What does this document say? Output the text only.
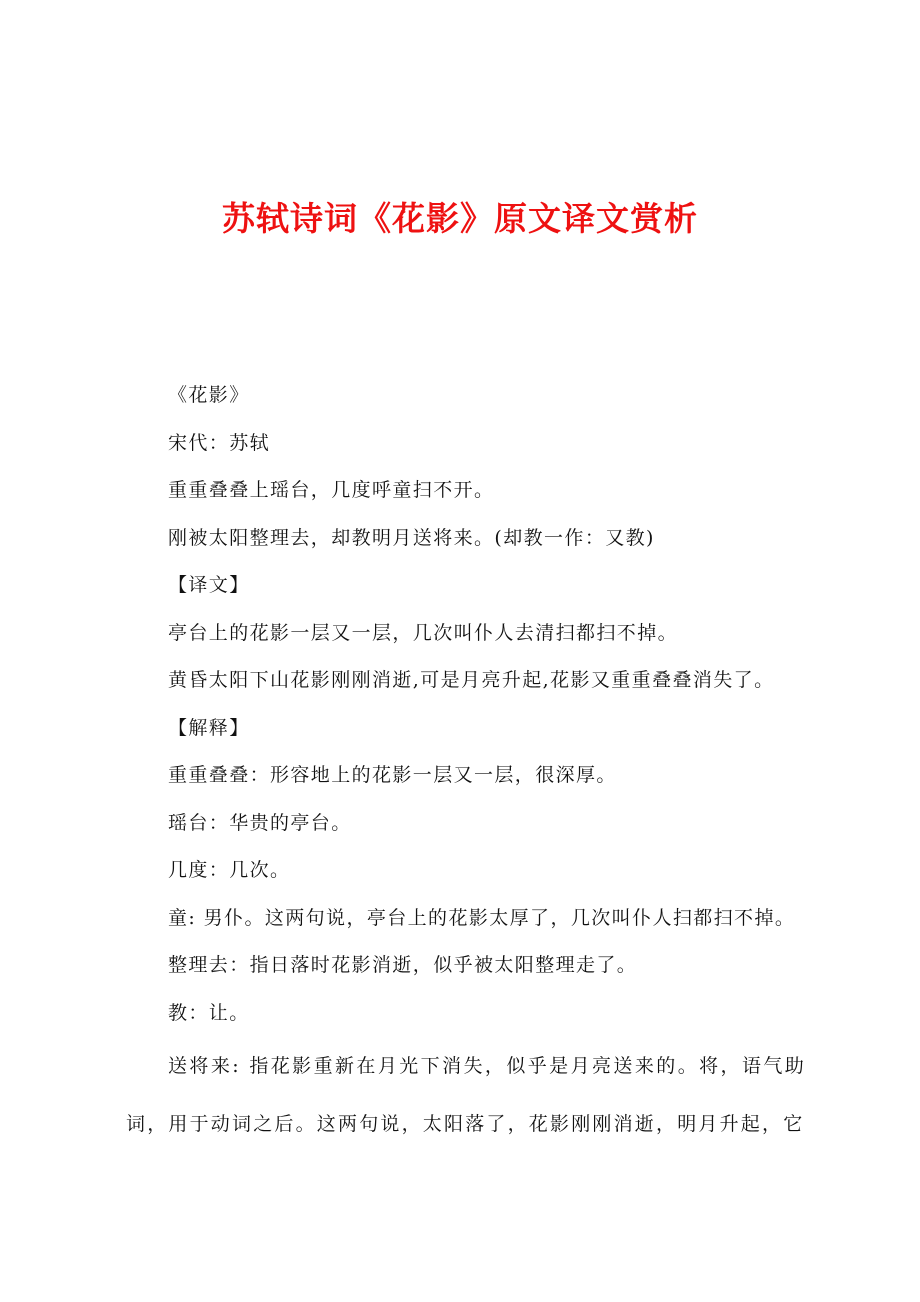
苏轼诗词《花影》原文译文赏析

《花影》

宋代：苏轼

重重叠叠上瑶台，几度呼童扫不开。

刚被太阳整理去，却教明月送将来。(却教一作：又教)

【译文】

亭台上的花影一层又一层，几次叫仆人去清扫都扫不掉。

黄昏太阳下山花影刚刚消逝,可是月亮升起,花影又重重叠叠消失了。

【解释】

重重叠叠：形容地上的花影一层又一层，很深厚。

瑶台：华贵的亭台。

几度：几次。

童: 男仆。这两句说，亭台上的花影太厚了，几次叫仆人扫都扫不掉。

整理去：指日落时花影消逝，似乎被太阳整理走了。

教：让。

送将来: 指花影重新在月光下消失，似乎是月亮送来的。将，语气助词，用于动词之后。这两句说，太阳落了，花影刚刚消逝，明月升起，它
